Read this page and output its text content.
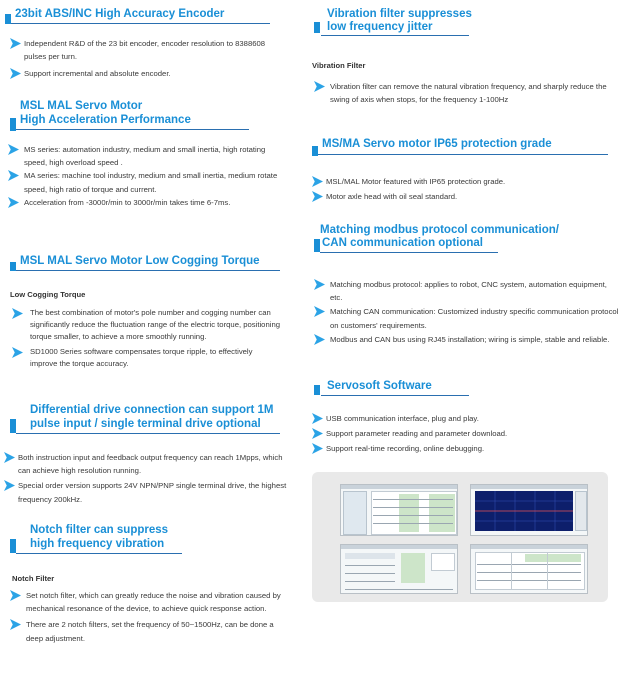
23bit ABS/INC High Accuracy Encoder
Independent R&D of the 23 bit encoder, encoder resolution to 8388608 pulses per turn.
Support incremental and absolute encoder.
MSL MAL Servo Motor
High Acceleration Performance
MS series: automation industry, medium and small inertia, high rotating speed, high overload speed .
MA series: machine tool industry, medium and small inertia, medium rotate speed, high ratio of torque and current.
Acceleration from -3000r/min to 3000r/min takes time 6-7ms.
MSL MAL Servo Motor Low Cogging Torque
Low Cogging Torque
The best combination of motor's pole number and cogging number can significantly reduce the fluctuation range of the electric torque, positioning torque smaller, to achieve a more smoothly running.
SD1000 Series software compensates torque ripple, to effectively improve the torque accuracy.
Differential drive connection can support 1M
pulse input / single terminal drive optional
Both instruction input and feedback output frequency can reach 1Mpps, which can achieve high resolution running.
Special order version supports 24V NPN/PNP single terminal drive, the highest frequency 200kHz.
Notch filter can suppress
high frequency vibration
Notch Filter
Set notch filter, which can greatly reduce the noise and vibration caused by mechanical resonance of the device, to achieve quick response action.
There are 2 notch filters, set the frequency of 50~1500Hz, can be done a deep adjustment.
Vibration filter suppresses
low frequency jitter
Vibration Filter
Vibration filter can remove the natural vibration frequency, and sharply reduce the swing of axis when stops, for the frequency 1-100Hz
MS/MA Servo motor IP65 protection grade
MSL/MAL Motor featured with IP65 protection grade.
Motor axle head with oil seal standard.
Matching modbus protocol communication/
CAN communication optional
Matching modbus protocol: applies to robot, CNC system, automation equipment, etc.
Matching CAN communication: Customized industry specific communication protocol on customers' requirements.
Modbus and CAN bus using RJ45 installation; wiring is simple, stable and reliable.
Servosoft Software
USB communication interface, plug and play.
Support parameter reading and parameter download.
Support real-time recording, online debugging.
